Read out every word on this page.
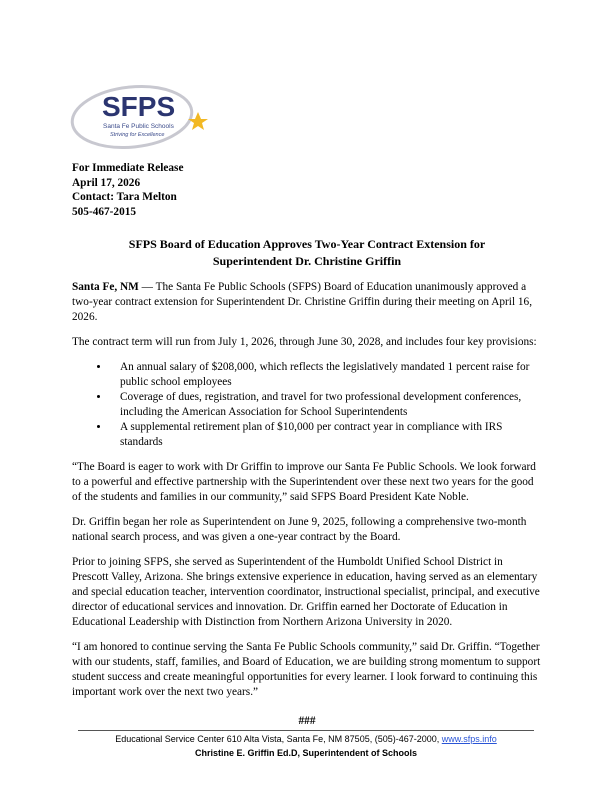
SFPS
Santa Fe Public Schools
Striving for Excellence
For Immediate Release
April 17, 2026
Contact: Tara Melton
505-467-2015
SFPS Board of Education Approves Two-Year Contract Extension for
Superintendent Dr. Christine Griffin
Santa Fe, NM — The Santa Fe Public Schools (SFPS) Board of Education unanimously approved a two-year contract extension for Superintendent Dr. Christine Griffin during their meeting on April 16, 2026.
The contract term will run from July 1, 2026, through June 30, 2028, and includes four key provisions:
• An annual salary of $208,000, which reflects the legislatively mandated 1 percent raise for public school employees
• Coverage of dues, registration, and travel for two professional development conferences, including the American Association for School Superintendents
• A supplemental retirement plan of $10,000 per contract year in compliance with IRS standards
“The Board is eager to work with Dr Griffin to improve our Santa Fe Public Schools. We look forward to a powerful and effective partnership with the Superintendent over these next two years for the good of the students and families in our community,” said SFPS Board President Kate Noble.
Dr. Griffin began her role as Superintendent on June 9, 2025, following a comprehensive two-month national search process, and was given a one-year contract by the Board.
Prior to joining SFPS, she served as Superintendent of the Humboldt Unified School District in Prescott Valley, Arizona. She brings extensive experience in education, having served as an elementary and special education teacher, intervention coordinator, instructional specialist, principal, and executive director of educational services and innovation. Dr. Griffin earned her Doctorate of Education in Educational Leadership with Distinction from Northern Arizona University in 2020.
“I am honored to continue serving the Santa Fe Public Schools community,” said Dr. Griffin. “Together with our students, staff, families, and Board of Education, we are building strong momentum to support student success and create meaningful opportunities for every learner. I look forward to continuing this important work over the next two years.”
###
Educational Service Center 610 Alta Vista, Santa Fe, NM 87505, (505)-467-2000, www.sfps.info
Christine E. Griffin Ed.D, Superintendent of Schools
